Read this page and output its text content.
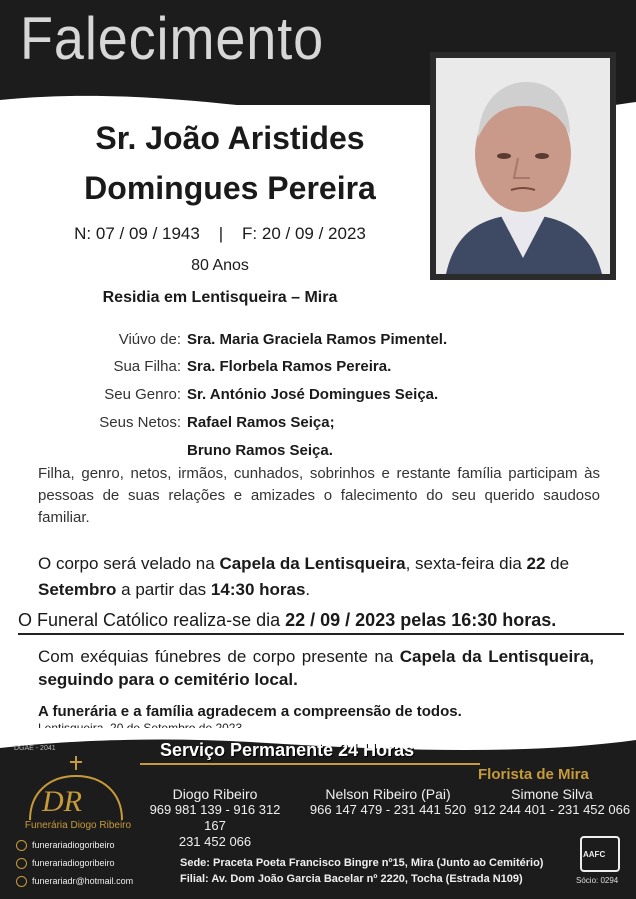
Falecimento
Sr. João Aristides
Domingues Pereira
N: 07 / 09 / 1943    |    F: 20 / 09 / 2023
80 Anos
Residia em Lentisqueira – Mira
Viúvo de: Sra. Maria Graciela Ramos Pimentel.
Sua Filha: Sra. Florbela Ramos Pereira.
Seu Genro: Sr. António José Domingues Seiça.
Seus Netos: Rafael Ramos Seiça;
Bruno Ramos Seiça.
Filha, genro, netos, irmãos, cunhados, sobrinhos e restante família participam às pessoas de suas relações e amizades o falecimento do seu querido saudoso familiar.
O corpo será velado na Capela da Lentisqueira, sexta-feira dia 22 de Setembro a partir das 14:30 horas.
O Funeral Católico realiza-se dia 22 / 09 / 2023 pelas 16:30 horas.
Com exéquias fúnebres de corpo presente na Capela da Lentisqueira, seguindo para o cemitério local.
A funerária e a família agradecem a compreensão de todos.
DGAE - 2041	Serviço Permanente 24 Horas
DR
Funerária Diogo Ribeiro
Florista de Mira
Diogo Ribeiro
969 981 139 - 916 312 167
231 452 066
Nelson Ribeiro (Pai)
966 147 479 - 231 441 520
Simone Silva
912 244 401 - 231 452 066
funerariadiogoribeiro
funerariadiogoribeiro
funerariadr@hotmail.com
Sede: Praceta Poeta Francisco Bingre nº15, Mira (Junto ao Cemitério)
Filial: Av. Dom João Garcia Bacelar nº 2220, Tocha (Estrada N109)
AAFC
Sócio: 0294
